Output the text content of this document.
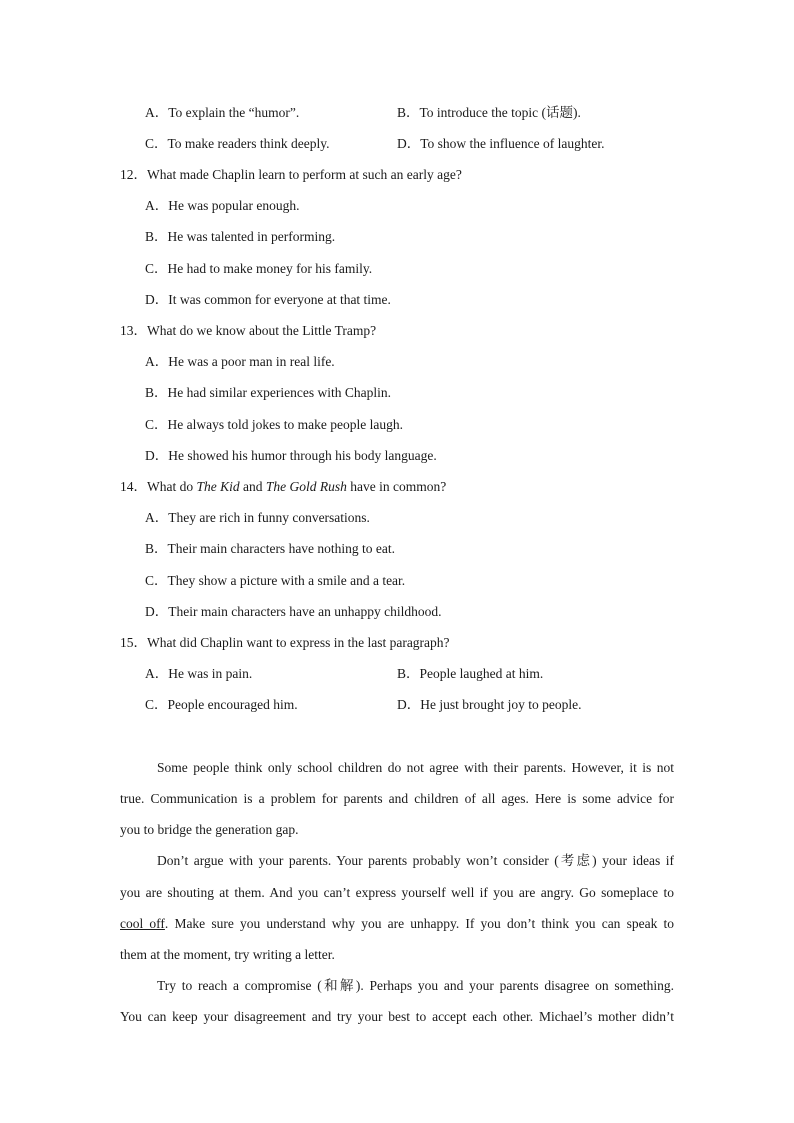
A．To explain the “humor”.	B．To introduce the topic (话题).
C．To make readers think deeply.	D．To show the influence of laughter.
12．What made Chaplin learn to perform at such an early age?
A．He was popular enough.
B．He was talented in performing.
C．He had to make money for his family.
D．It was common for everyone at that time.
13．What do we know about the Little Tramp?
A．He was a poor man in real life.
B．He had similar experiences with Chaplin.
C．He always told jokes to make people laugh.
D．He showed his humor through his body language.
14．What do The Kid and The Gold Rush have in common?
A．They are rich in funny conversations.
B．Their main characters have nothing to eat.
C．They show a picture with a smile and a tear.
D．Their main characters have an unhappy childhood.
15．What did Chaplin want to express in the last paragraph?
A．He was in pain.	B．People laughed at him.
C．People encouraged him.	D．He just brought joy to people.
Some people think only school children do not agree with their parents. However, it is not
true. Communication is a problem for parents and children of all ages. Here is some advice for
you to bridge the generation gap.
Don’t argue with your parents. Your parents probably won’t consider (考虑) your ideas if
you are shouting at them. And you can’t express yourself well if you are angry. Go someplace to
cool off. Make sure you understand why you are unhappy. If you don’t think you can speak to
them at the moment, try writing a letter.
Try to reach a compromise (和解). Perhaps you and your parents disagree on something.
You can keep your disagreement and try your best to accept each other. Michael’s mother didn’t
